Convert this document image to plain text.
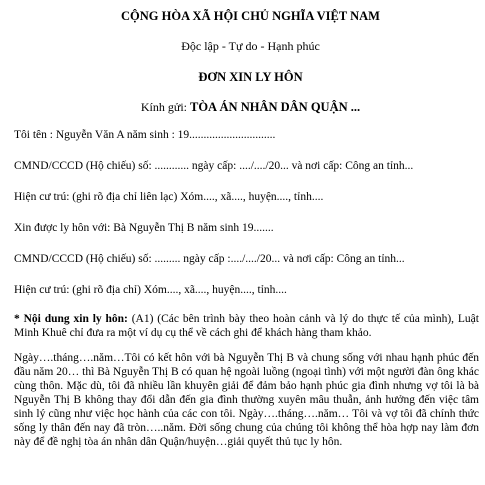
CỘNG HÒA XÃ HỘI CHỦ NGHĨA VIỆT NAM
Độc lập - Tự do - Hạnh phúc
ĐƠN XIN LY HÔN
Kính gửi: TÒA ÁN NHÂN DÂN QUẬN ...
Tôi tên : Nguyễn Văn A năm sinh : 19..............................
CMND/CCCD (Hộ chiếu) số: ............ ngày cấp: ..../..../20... và nơi cấp: Công an tỉnh...
Hiện cư trú: (ghi rõ địa chỉ liên lạc) Xóm...., xã...., huyện...., tỉnh....
Xin được ly hôn với: Bà Nguyễn Thị B năm sinh 19.......
CMND/CCCD (Hộ chiếu) số: ......... ngày cấp :..../..../20... và nơi cấp: Công an tỉnh...
Hiện cư trú: (ghi rõ địa chỉ) Xóm...., xã...., huyện...., tỉnh....
* Nội dung xin ly hôn: (A1) (Các bên trình bày theo hoàn cảnh và lý do thực tế của mình), Luật Minh Khuê chỉ đưa ra một ví dụ cụ thể về cách ghi để khách hàng tham khảo.
Ngày….tháng….năm…Tôi có kết hôn với bà Nguyễn Thị B và chung sống với nhau hạnh phúc đến đầu năm 20… thì Bà Nguyễn Thị B có quan hệ ngoài luồng (ngoại tình) với một người đàn ông khác cùng thôn. Mặc dù, tôi đã nhiều lần khuyên giải để đảm bảo hạnh phúc gia đình nhưng vợ tôi là bà Nguyễn Thị B không thay đổi dẫn đến gia đình thường xuyên mâu thuẫn, ảnh hưởng đến việc tâm sinh lý cũng như việc học hành của các con tôi. Ngày….tháng….năm… Tôi và vợ tôi đã chính thức sống ly thân đến nay đã tròn…..năm. Đời sống chung của chúng tôi không thể hòa hợp nay làm đơn này để đề nghị tòa án nhân dân Quận/huyện…giải quyết thủ tục ly hôn.
